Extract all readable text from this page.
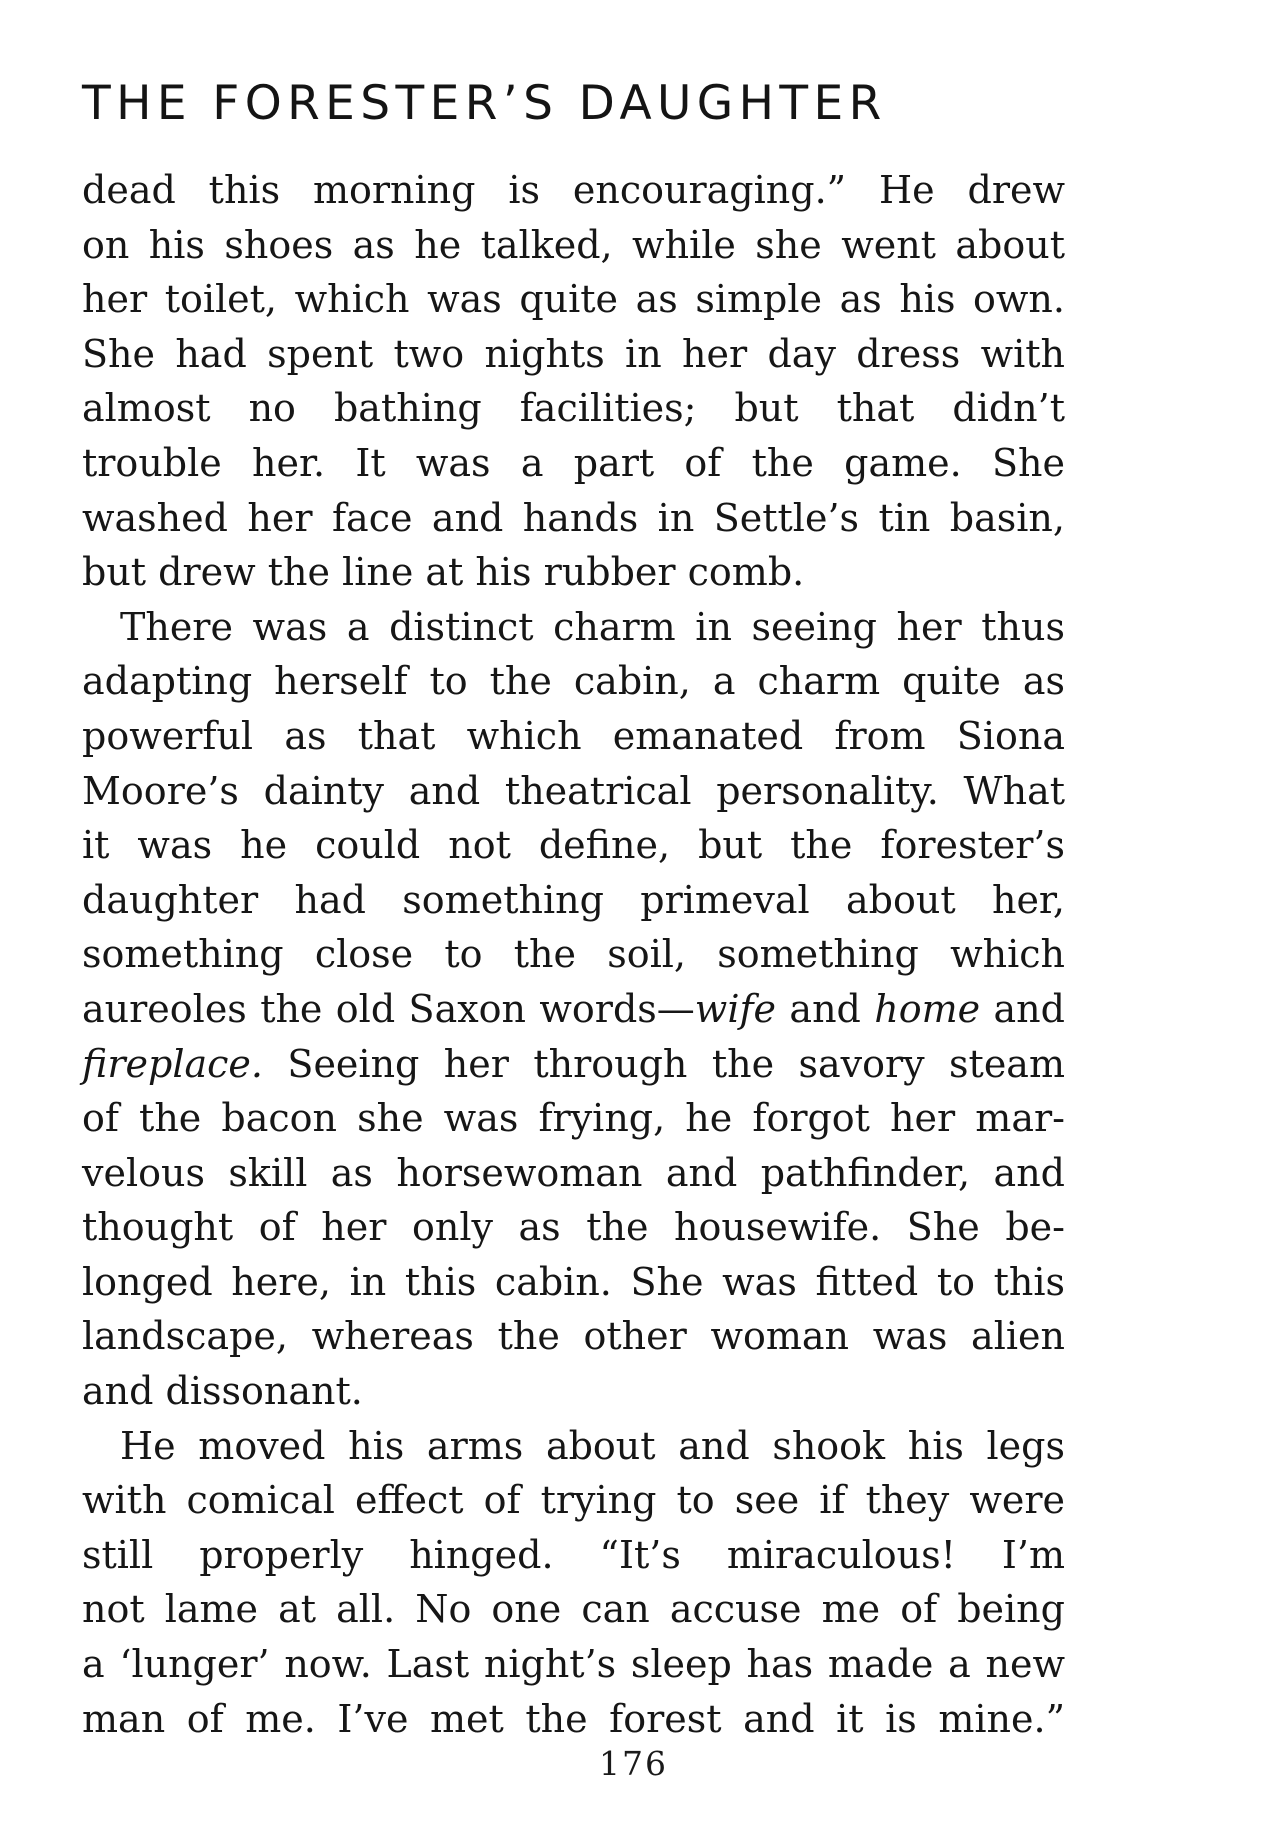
THE FORESTER’S DAUGHTER
dead this morning is encouraging.” He drew
on his shoes as he talked, while she went about
her toilet, which was quite as simple as his own.
She had spent two nights in her day dress with
almost no bathing facilities; but that didn’t
trouble her. It was a part of the game. She
washed her face and hands in Settle’s tin basin,
but drew the line at his rubber comb.
There was a distinct charm in seeing her thus
adapting herself to the cabin, a charm quite as
powerful as that which emanated from Siona
Moore’s dainty and theatrical personality. What
it was he could not define, but the forester’s
daughter had something primeval about her,
something close to the soil, something which
aureoles the old Saxon words—wife and home and
fireplace. Seeing her through the savory steam
of the bacon she was frying, he forgot her mar-
velous skill as horsewoman and pathfinder, and
thought of her only as the housewife. She be-
longed here, in this cabin. She was fitted to this
landscape, whereas the other woman was alien
and dissonant.
He moved his arms about and shook his legs
with comical effect of trying to see if they were
still properly hinged. “It’s miraculous! I’m
not lame at all. No one can accuse me of being
a ‘lunger’ now. Last night’s sleep has made a new
man of me. I’ve met the forest and it is mine.”
176
